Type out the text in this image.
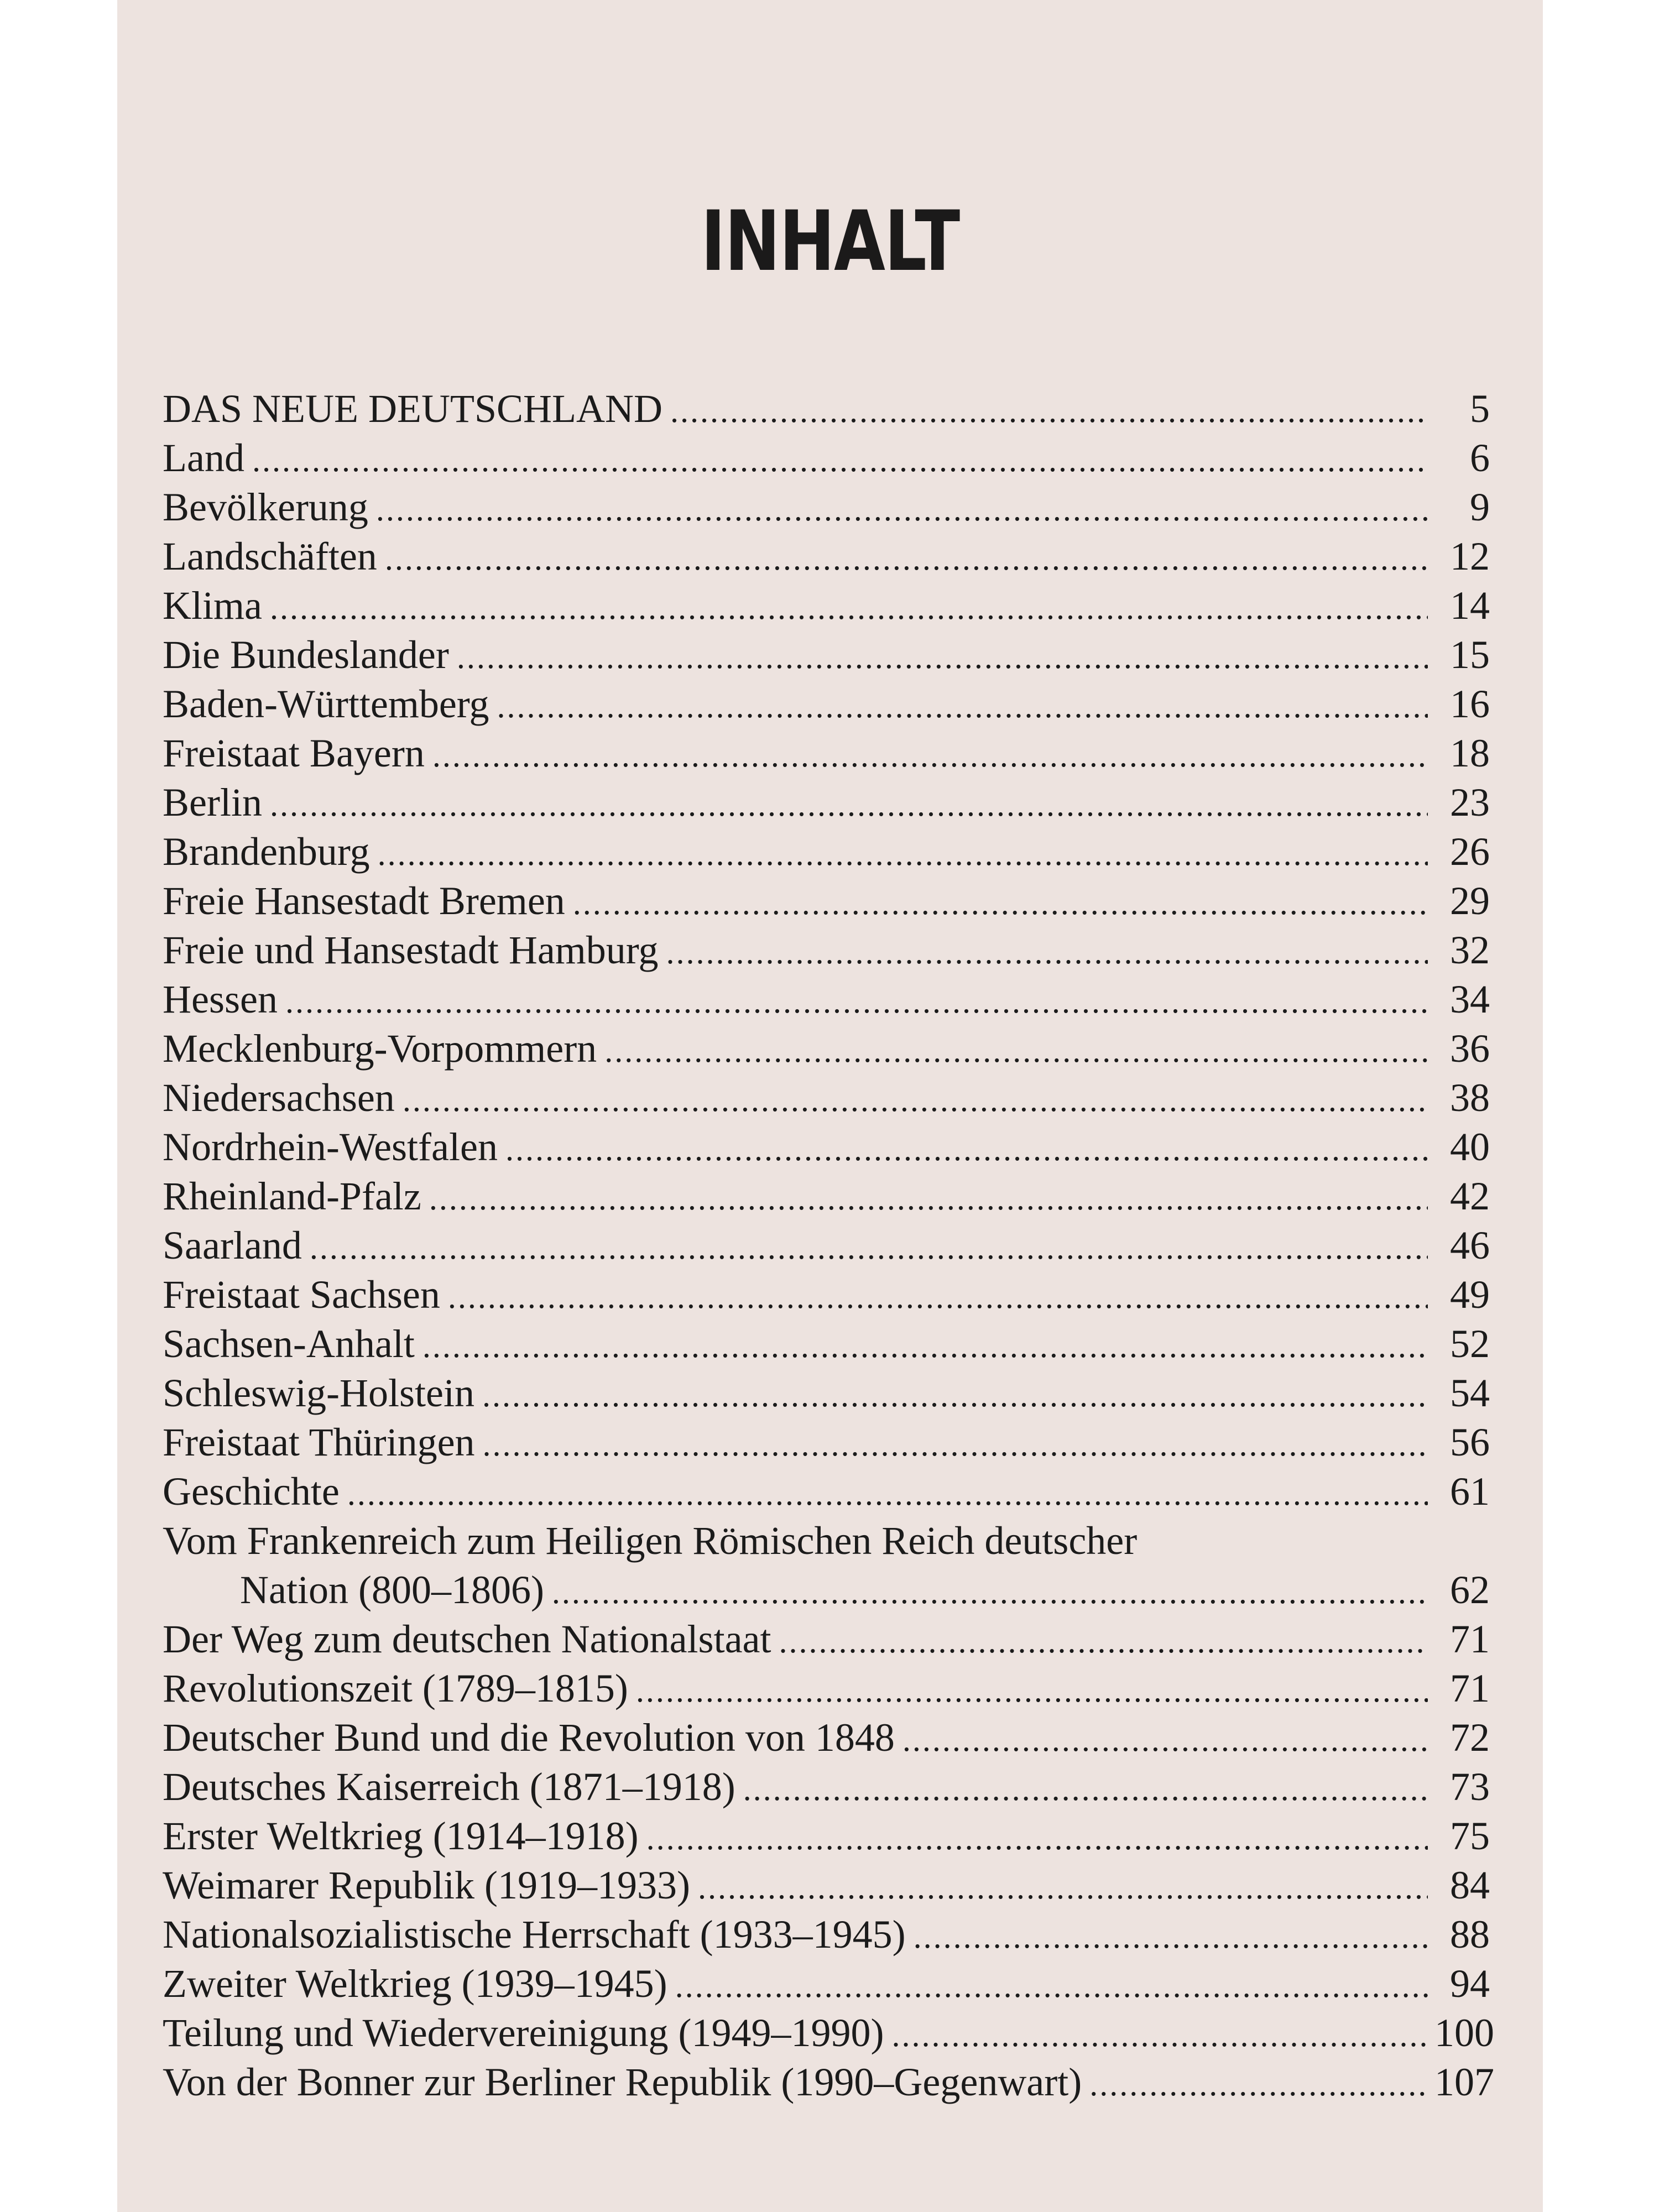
INHALT
DAS NEUE DEUTSCHLAND .....	5
Land .....	6
Bevölkerung .....	9
Landschäften .....	12
Klima .....	14
Die Bundeslander .....	15
Baden-Württemberg .....	16
Freistaat Bayern .....	18
Berlin .....	23
Brandenburg .....	26
Freie Hansestadt Bremen .....	29
Freie und Hansestadt Hamburg .....	32
Hessen .....	34
Mecklenburg-Vorpommern .....	36
Niedersachsen .....	38
Nordrhein-Westfalen .....	40
Rheinland-Pfalz .....	42
Saarland .....	46
Freistaat Sachsen .....	49
Sachsen-Anhalt .....	52
Schleswig-Holstein .....	54
Freistaat Thüringen .....	56
Geschichte .....	61
Vom Frankenreich zum Heiligen Römischen Reich deutscher
Nation (800–1806) .....	62
Der Weg zum deutschen Nationalstaat .....	71
Revolutionszeit (1789–1815) .....	71
Deutscher Bund und die Revolution von 1848 .....	72
Deutsches Kaiserreich (1871–1918) .....	73
Erster Weltkrieg (1914–1918) .....	75
Weimarer Republik (1919–1933) .....	84
Nationalsozialistische Herrschaft (1933–1945) .....	88
Zweiter Weltkrieg (1939–1945) .....	94
Teilung und Wiedervereinigung (1949–1990) .....	100
Von der Bonner zur Berliner Republik (1990–Gegenwart) .....	107
